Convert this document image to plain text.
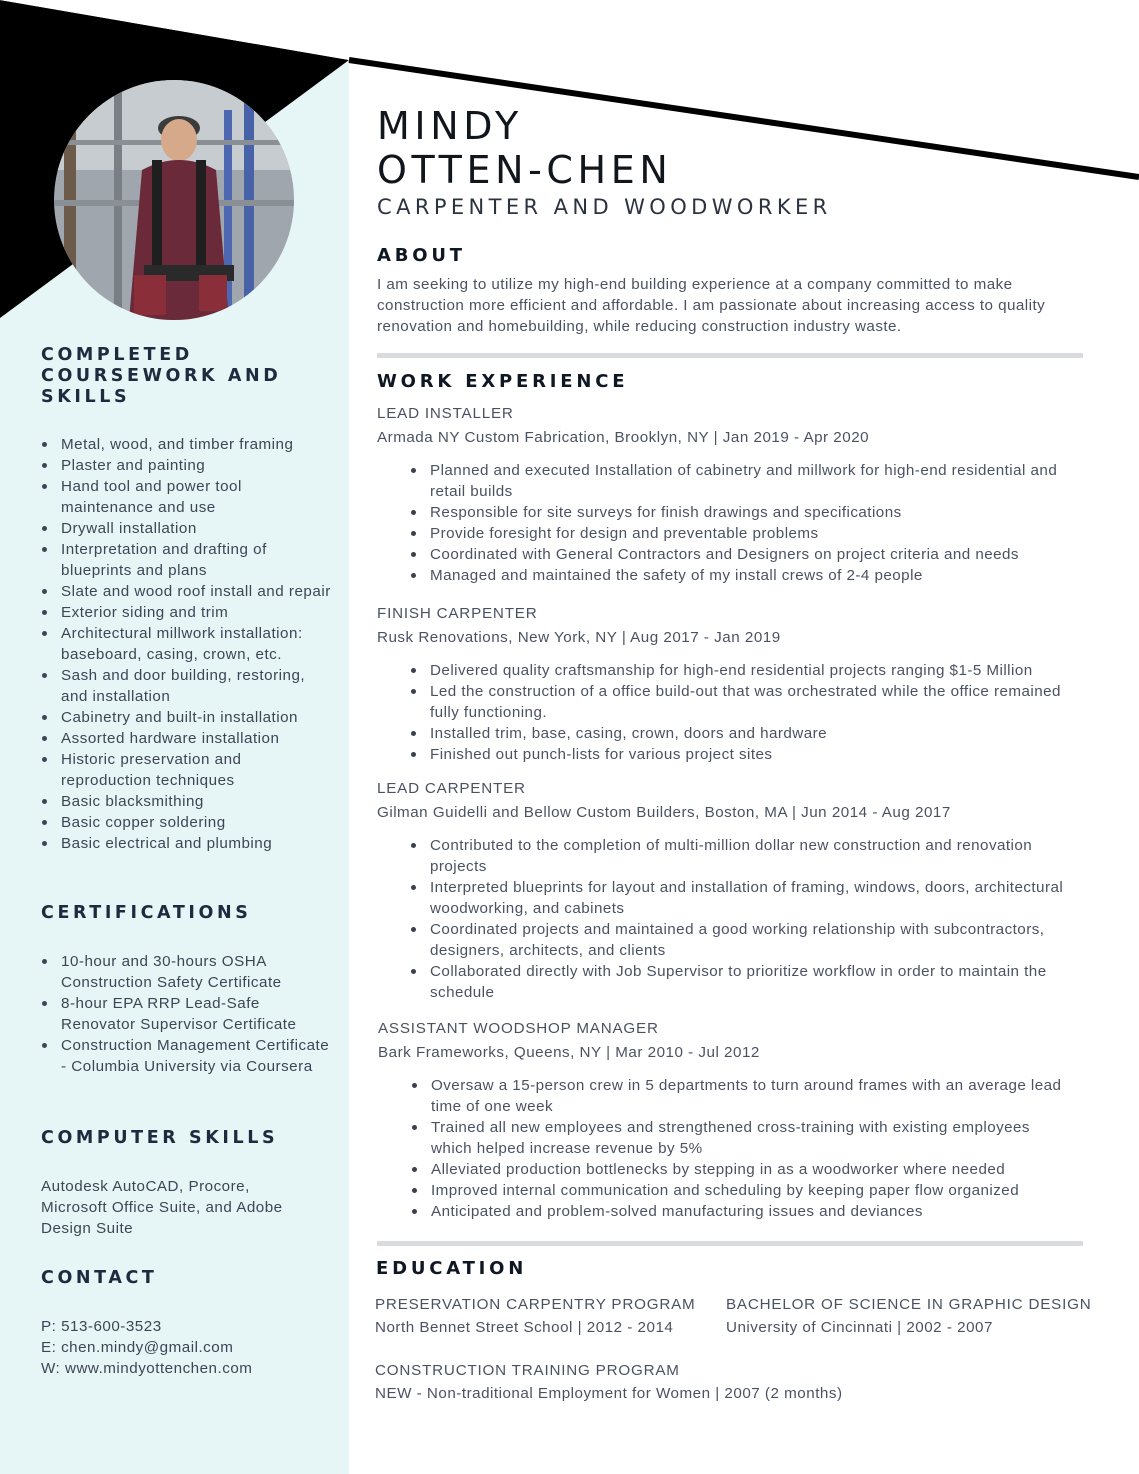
COMPLETED COURSEWORK AND SKILLS
Metal, wood, and timber framing
Plaster and painting
Hand tool and power tool maintenance and use
Drywall installation
Interpretation and drafting of blueprints and plans
Slate and wood roof install and repair
Exterior siding and trim
Architectural millwork installation: baseboard, casing, crown, etc.
Sash and door building, restoring, and installation
Cabinetry and built-in installation
Assorted hardware installation
Historic preservation and reproduction techniques
Basic blacksmithing
Basic copper soldering
Basic electrical and plumbing
CERTIFICATIONS
10-hour and 30-hours OSHA Construction Safety Certificate
8-hour EPA RRP Lead-Safe Renovator Supervisor Certificate
Construction Management Certificate - Columbia University via Coursera
COMPUTER SKILLS

Autodesk AutoCAD, Procore, Microsoft Office Suite, and Adobe Design Suite

CONTACT

P: 513-600-3523

E: chen.mindy@gmail.com

W: www.mindyottenchen.com

MINDY
OTTEN-CHEN
CARPENTER AND WOODWORKER
ABOUT

I am seeking to utilize my high-end building experience at a company committed to make construction more efficient and affordable. I am passionate about increasing access to quality renovation and homebuilding, while reducing construction industry waste.

WORK EXPERIENCE
LEAD INSTALLER
Armada NY Custom Fabrication, Brooklyn, NY | Jan 2019 - Apr 2020
Planned and executed Installation of cabinetry and millwork for high-end residential and retail builds
Responsible for site surveys for finish drawings and specifications
Provide foresight for design and preventable problems
Coordinated with General Contractors and Designers on project criteria and needs
Managed and maintained the safety of my install crews of 2-4 people
FINISH CARPENTER
Rusk Renovations, New York, NY | Aug 2017 - Jan 2019
Delivered quality craftsmanship for high-end residential projects ranging $1-5 Million
Led the construction of a office build-out that was orchestrated while the office remained fully functioning.
Installed trim, base, casing, crown, doors and hardware
Finished out punch-lists for various project sites
LEAD CARPENTER
Gilman Guidelli and Bellow Custom Builders, Boston, MA | Jun 2014 - Aug 2017
Contributed to the completion of multi-million dollar new construction and renovation projects
Interpreted blueprints for layout and installation of framing, windows, doors, architectural woodworking, and cabinets
Coordinated projects and maintained a good working relationship with subcontractors, designers, architects, and clients
Collaborated directly with Job Supervisor to prioritize workflow in order to maintain the schedule
ASSISTANT WOODSHOP MANAGER
Bark Frameworks, Queens, NY | Mar 2010 - Jul 2012
Oversaw a 15-person crew in 5 departments to turn around frames with an average lead time of one week
Trained all new employees and strengthened cross-training with existing employees which helped increase revenue by 5%
Alleviated production bottlenecks by stepping in as a woodworker where needed
Improved internal communication and scheduling by keeping paper flow organized
Anticipated and problem-solved manufacturing issues and deviances
EDUCATION
PRESERVATION CARPENTRY PROGRAM
North Bennet Street School | 2012 - 2014
BACHELOR OF SCIENCE IN GRAPHIC DESIGN
University of Cincinnati | 2002 - 2007
CONSTRUCTION TRAINING PROGRAM
NEW - Non-traditional Employment for Women | 2007 (2 months)
